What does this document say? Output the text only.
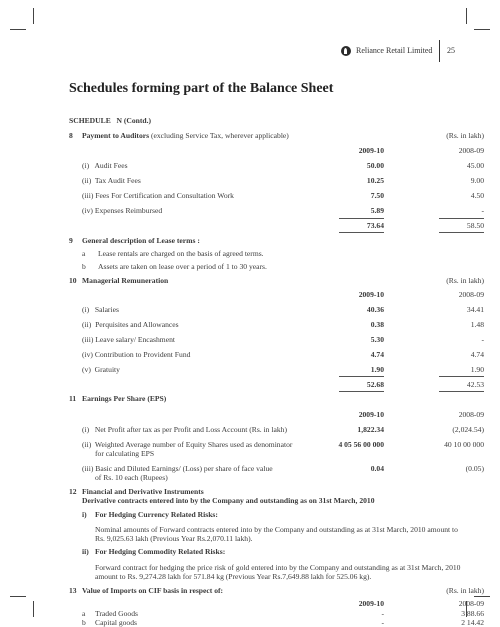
Reliance Retail Limited 25
Schedules forming part of the Balance Sheet
SCHEDULE   N (Contd.)
8 Payment to Auditors (excluding Service Tax, wherever applicable)	(Rs. in lakh)
2009-10	2008-09
(i)   Audit Fees	50.00	45.00
(ii)  Tax Audit Fees	10.25	9.00
(iii) Fees For Certification and Consultation Work	7.50	4.50
(iv) Expenses Reimbursed	5.89	-
73.64	58.50
9 General description of Lease terms :
a Lease rentals are charged on the basis of agreed terms.
b Assets are taken on lease over a period of 1 to 30 years.
10 Managerial Remuneration	(Rs. in lakh)
2009-10	2008-09
(i)   Salaries	40.36	34.41
(ii)  Perquisites and Allowances	0.38	1.48
(iii) Leave salary/ Encashment	5.30	-
(iv) Contribution to Provident Fund	4.74	4.74
(v)  Gratuity	1.90	1.90
52.68	42.53
11 Earnings Per Share (EPS)
2009-10	2008-09
(i)   Net Profit after tax as per Profit and Loss Account (Rs. in lakh)	1,822.34	(2,024.54)
(ii)  Weighted Average number of Equity Shares used as denominator
for calculating EPS
4 05 56 00 000	40 10 00 000
(iii) Basic and Diluted Earnings/ (Loss) per share of face value
of Rs. 10 each (Rupees)
0.04	(0.05)
12 Financial and Derivative Instruments
Derivative contracts entered into by the Company and outstanding as on 31st March, 2010
i) For Hedging Currency Related Risks:
Nominal amounts of Forward contracts entered into by the Company and outstanding as at 31st March, 2010 amount to
Rs. 9,025.63 lakh (Previous Year Rs.2,070.11 lakh).
ii) For Hedging Commodity Related Risks:
Forward contract for hedging the price risk of gold entered into by the Company and outstanding as at 31st March, 2010
amount to Rs. 9,274.28 lakh for 571.84 kg (Previous Year Rs.7,649.88 lakh for 525.06 kg).
13 Value of Imports on CIF basis in respect of:	(Rs. in lakh)
2009-10	2008-09
a Traded Goods	-	3 88.66
b Capital goods	-	2 14.42
